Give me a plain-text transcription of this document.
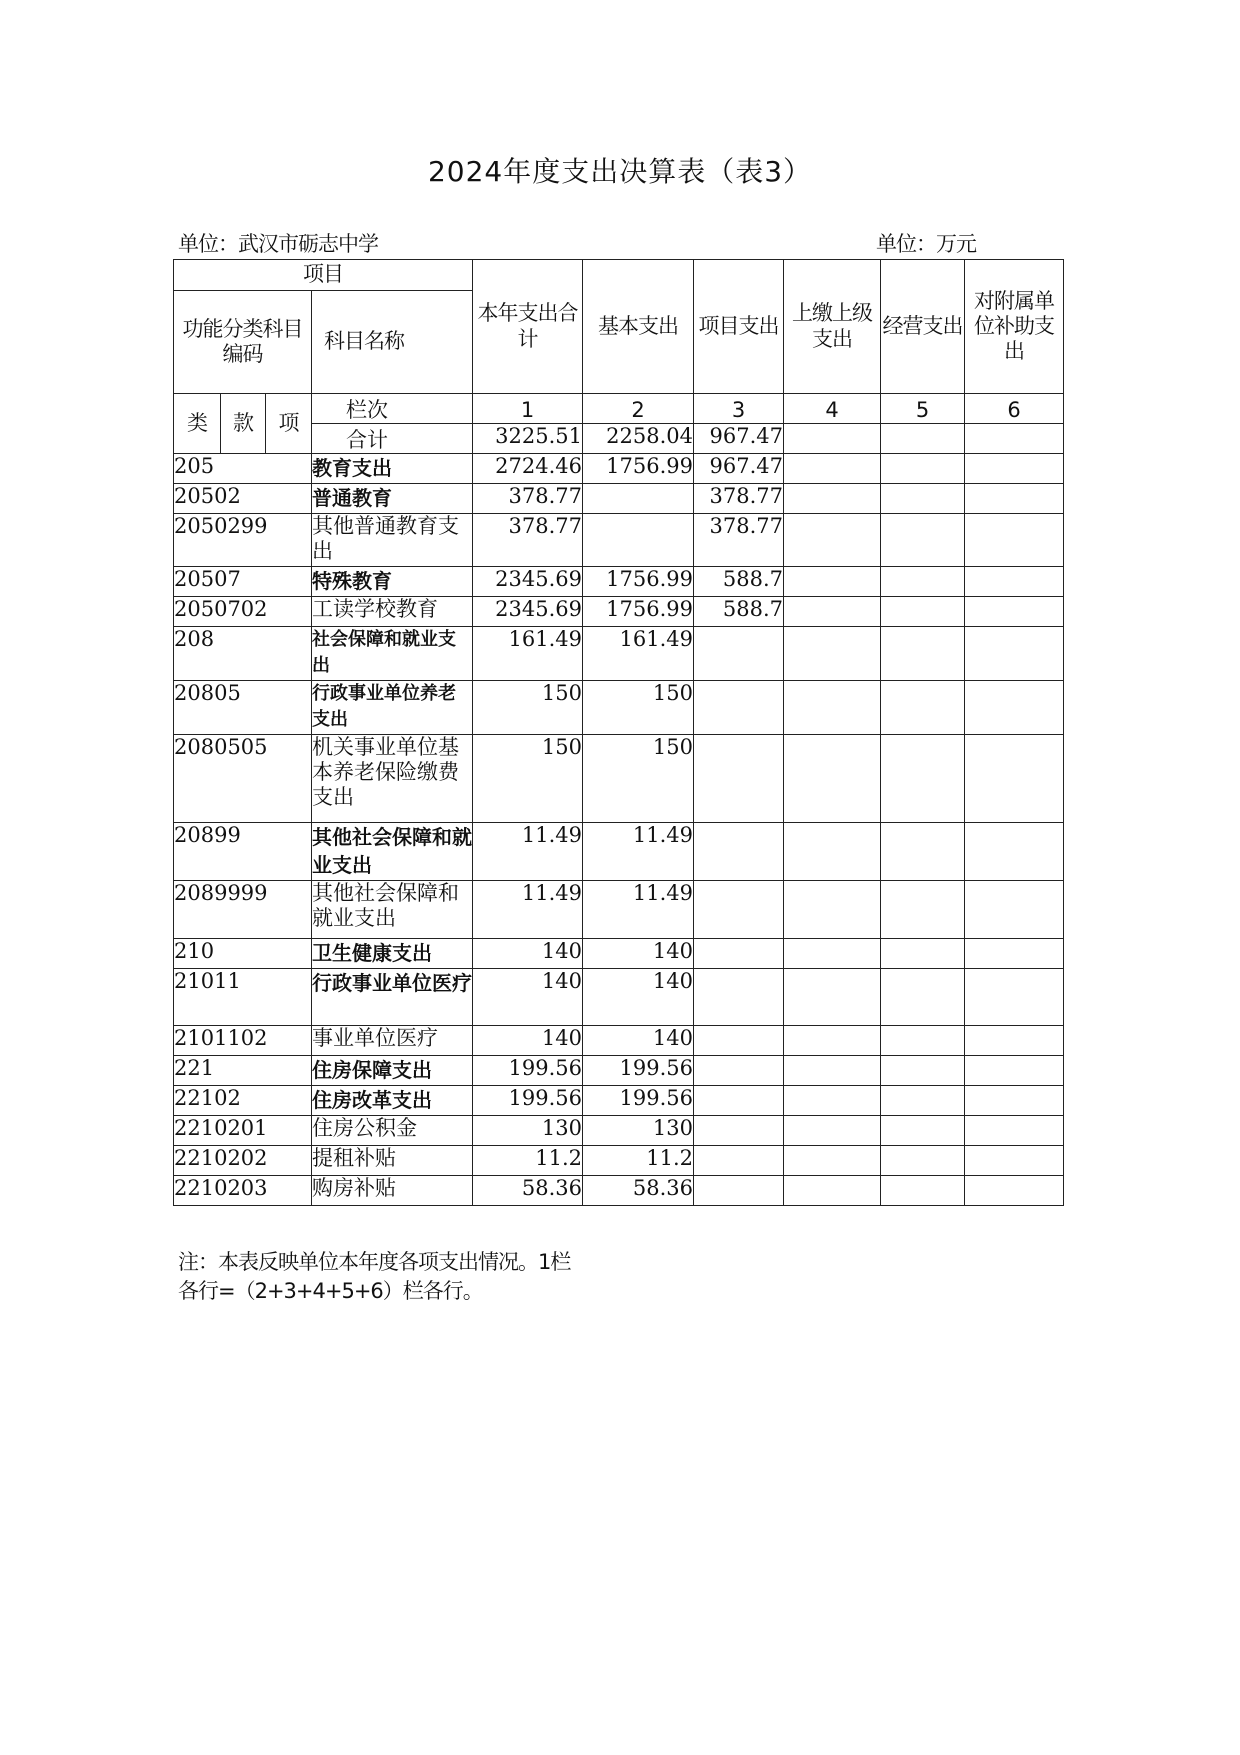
2024年度支出决算表（表3）
单位：武汉市砺志中学	单位：万元
项目				本年支出合计	基本支出	项目支出	上缴上级支出	经营支出	对附属单位补助支出
功能分类科目编码			科目名称						
类	款	项	栏次	1	2	3	4	5	6
			合计	3225.51	2258.04	967.47			
205			教育支出	2724.46	1756.99	967.47			
20502			普通教育	378.77		378.77			
2050299			其他普通教育支出	378.77		378.77			
20507			特殊教育	2345.69	1756.99	588.7			
2050702			工读学校教育	2345.69	1756.99	588.7			
208			社会保障和就业支出	161.49	161.49				
20805			行政事业单位养老支出	150	150				
2080505			机关事业单位基本养老保险缴费支出	150	150				
20899			其他社会保障和就业支出	11.49	11.49				
2089999			其他社会保障和就业支出	11.49	11.49				
210			卫生健康支出	140	140				
21011			行政事业单位医疗	140	140				
2101102			事业单位医疗	140	140				
221			住房保障支出	199.56	199.56				
22102			住房改革支出	199.56	199.56				
2210201			住房公积金	130	130				
2210202			提租补贴	11.2	11.2				
2210203			购房补贴	58.36	58.36				
注：本表反映单位本年度各项支出情况。1栏
各行=（2+3+4+5+6）栏各行。
